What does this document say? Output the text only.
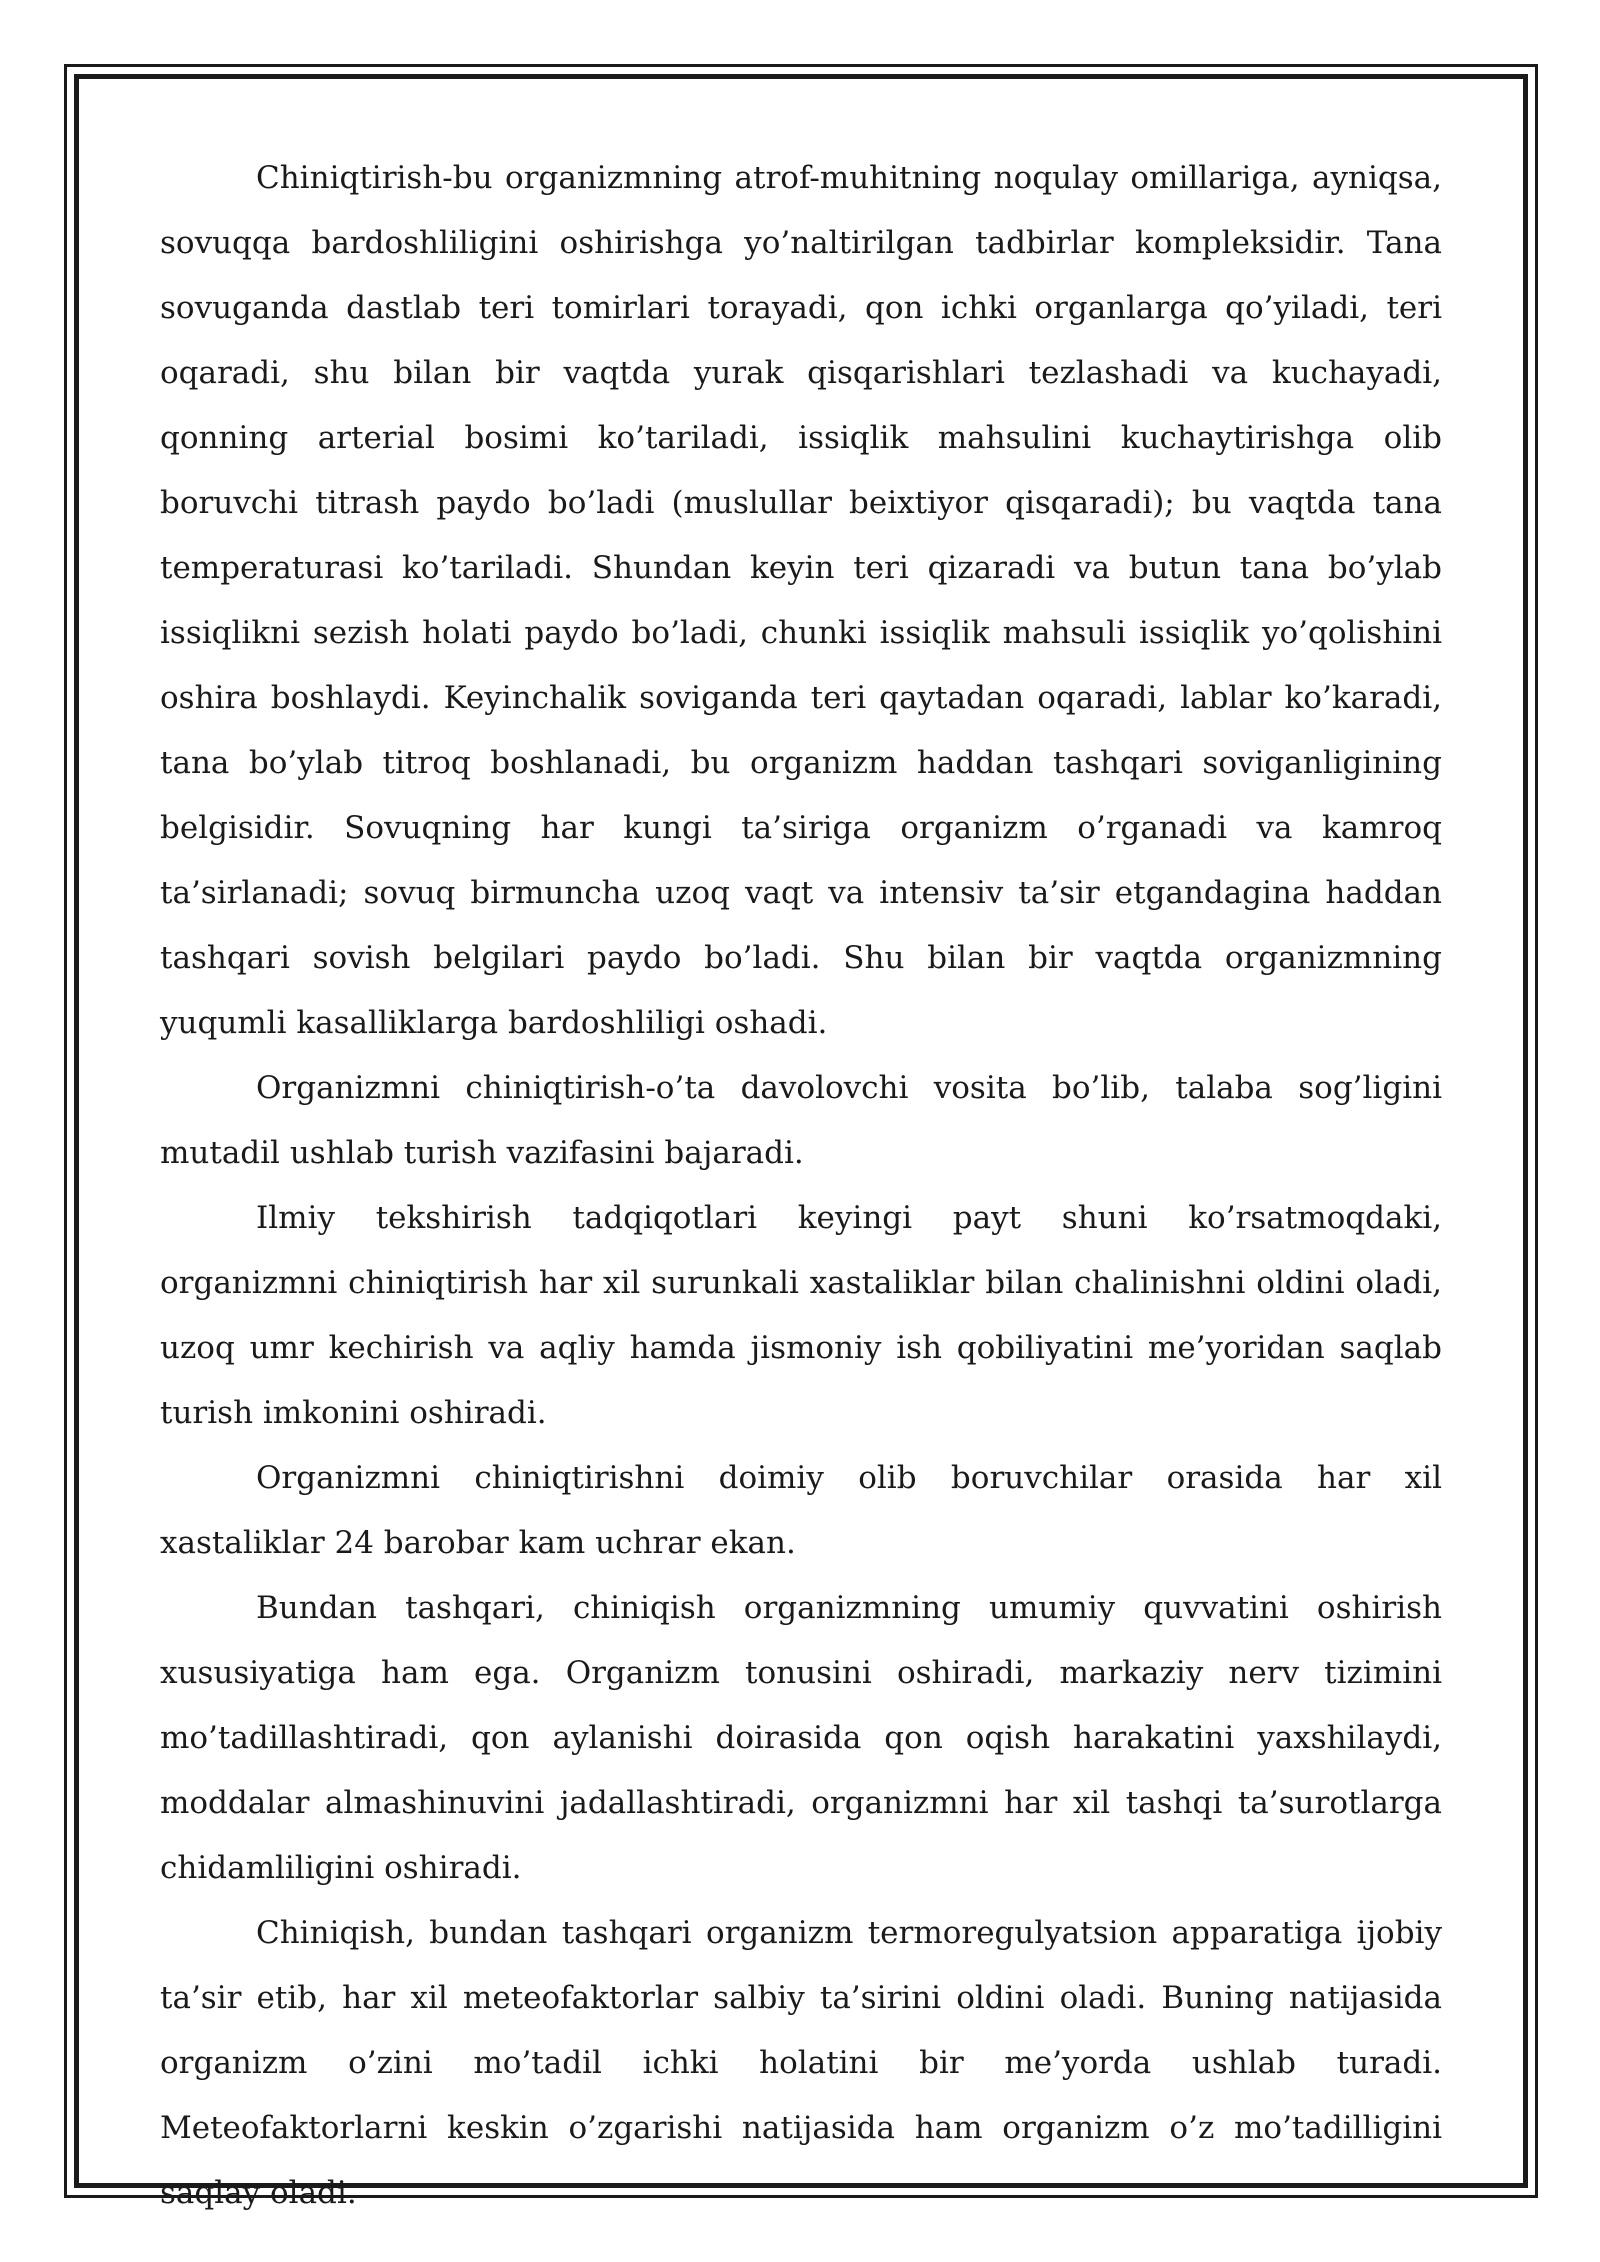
Chiniqtirish-bu organizmning atrof-muhitning noqulay omillariga, ayniqsa, sovuqqa bardoshliligini oshirishga yo’naltirilgan tadbirlar kompleksidir. Tana sovuganda dastlab teri tomirlari torayadi, qon ichki organlarga qo’yiladi, teri oqaradi, shu bilan bir vaqtda yurak qisqarishlari tezlashadi va kuchayadi, qonning arterial bosimi ko’tariladi, issiqlik mahsulini kuchaytirishga olib boruvchi titrash paydo bo’ladi (muslullar beixtiyor qisqaradi); bu vaqtda tana temperaturasi ko’tariladi. Shundan keyin teri qizaradi va butun tana bo’ylab issiqlikni sezish holati paydo bo’ladi, chunki issiqlik mahsuli issiqlik yo’qolishini oshira boshlaydi. Keyinchalik soviganda teri qaytadan oqaradi, lablar ko’karadi, tana bo’ylab titroq boshlanadi, bu organizm haddan tashqari soviganligining belgisidir. Sovuqning har kungi ta’siriga organizm o’rganadi va kamroq ta’sirlanadi; sovuq birmuncha uzoq vaqt va intensiv ta’sir etgandagina haddan tashqari sovish belgilari paydo bo’ladi. Shu bilan bir vaqtda organizmning yuqumli kasalliklarga bardoshliligi oshadi.

Organizmni chiniqtirish-o’ta davolovchi vosita bo’lib, talaba sog’ligini mutadil ushlab turish vazifasini bajaradi.

Ilmiy tekshirish tadqiqotlari keyingi payt shuni ko’rsatmoqdaki, organizmni chiniqtirish har xil surunkali xastaliklar bilan chalinishni oldini oladi, uzoq umr kechirish va aqliy hamda jismoniy ish qobiliyatini me’yoridan saqlab turish imkonini oshiradi.

Organizmni chiniqtirishni doimiy olib boruvchilar orasida har xil xastaliklar 24 barobar kam uchrar ekan.

Bundan tashqari, chiniqish organizmning umumiy quvvatini oshirish xususiyatiga ham ega. Organizm tonusini oshiradi, markaziy nerv tizimini mo’tadillashtiradi, qon aylanishi doirasida qon oqish harakatini yaxshilaydi, moddalar almashinuvini jadallashtiradi, organizmni har xil tashqi ta’surotlarga chidamliligini oshiradi.

Chiniqish, bundan tashqari organizm termoregulyatsion apparatiga ijobiy ta’sir etib, har xil meteofaktorlar salbiy ta’sirini oldini oladi. Buning natijasida organizm o’zini mo’tadil ichki holatini bir me’yorda ushlab turadi. Meteofaktorlarni keskin o’zgarishi natijasida ham organizm o’z mo’tadilligini saqlay oladi.
